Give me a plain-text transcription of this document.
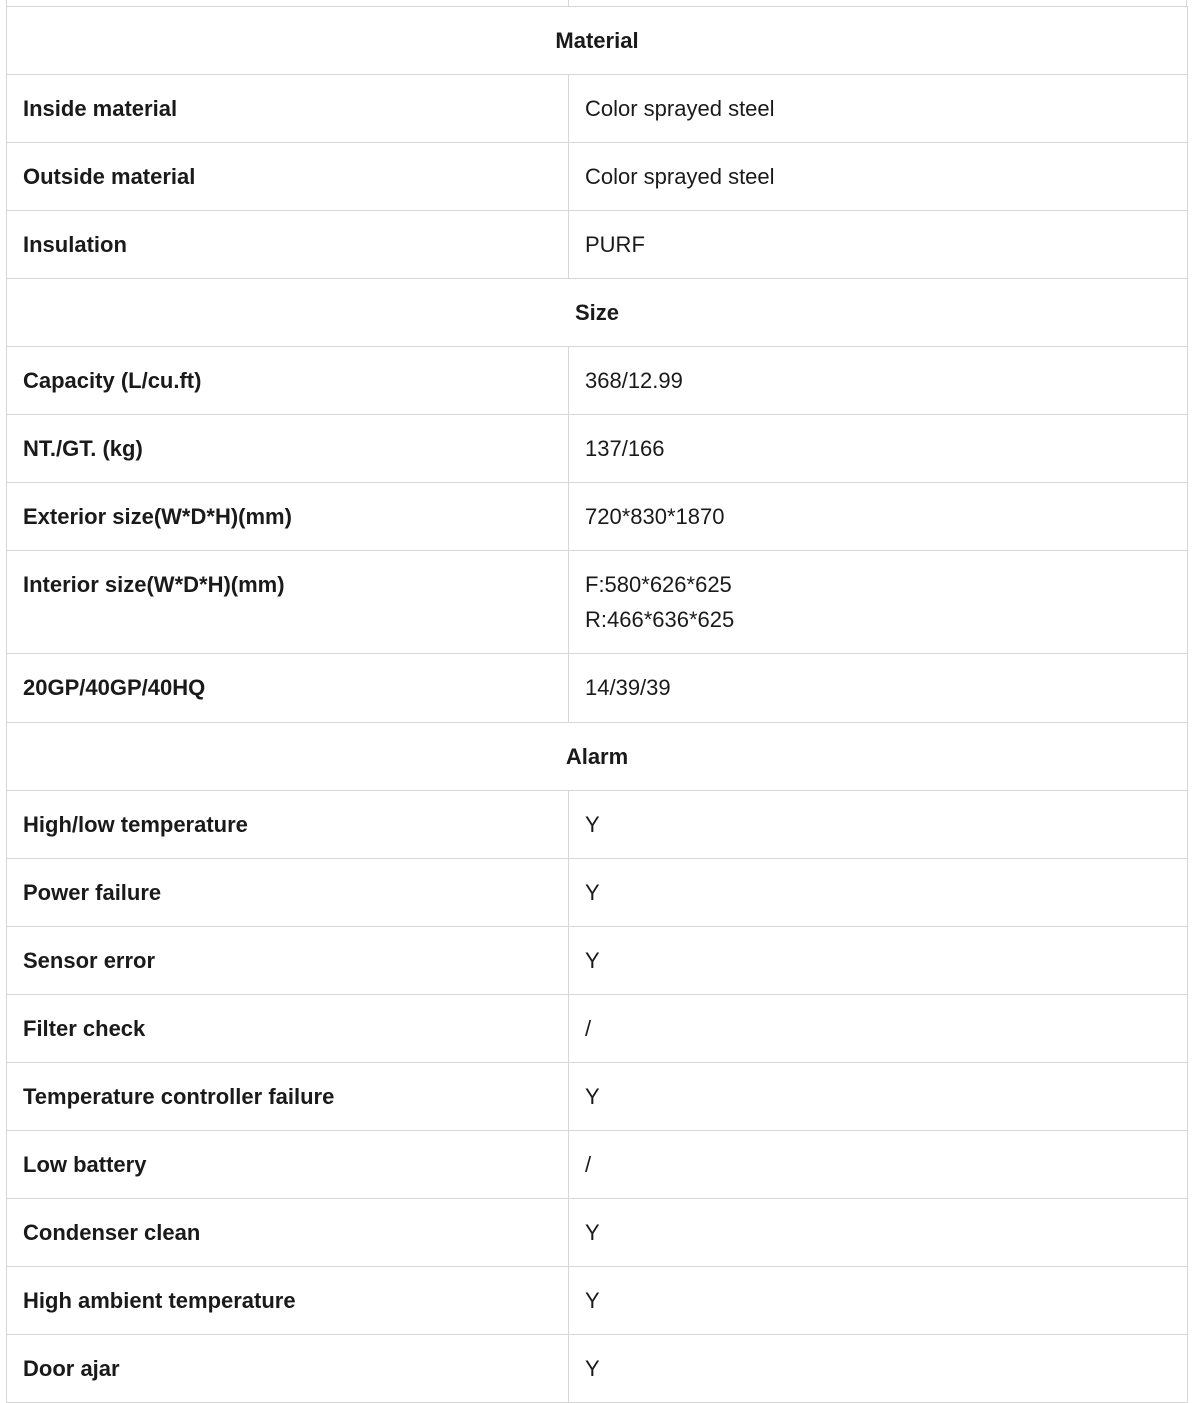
Material	
Inside material	Color sprayed steel

Outside material	Color sprayed steel

Insulation	PURF

Size	
Capacity (L/cu.ft)	368/12.99

NT./GT. (kg)	137/166

Exterior size(W*D*H)(mm)	720*830*1870

Interior size(W*D*H)(mm)	F:580*626*625
R:466*636*625

20GP/40GP/40HQ	14/39/39

Alarm	
High/low temperature	Y

Power failure	Y

Sensor error	Y

Filter check	/

Temperature controller failure	Y

Low battery	/

Condenser clean	Y

High ambient temperature	Y

Door ajar	Y
